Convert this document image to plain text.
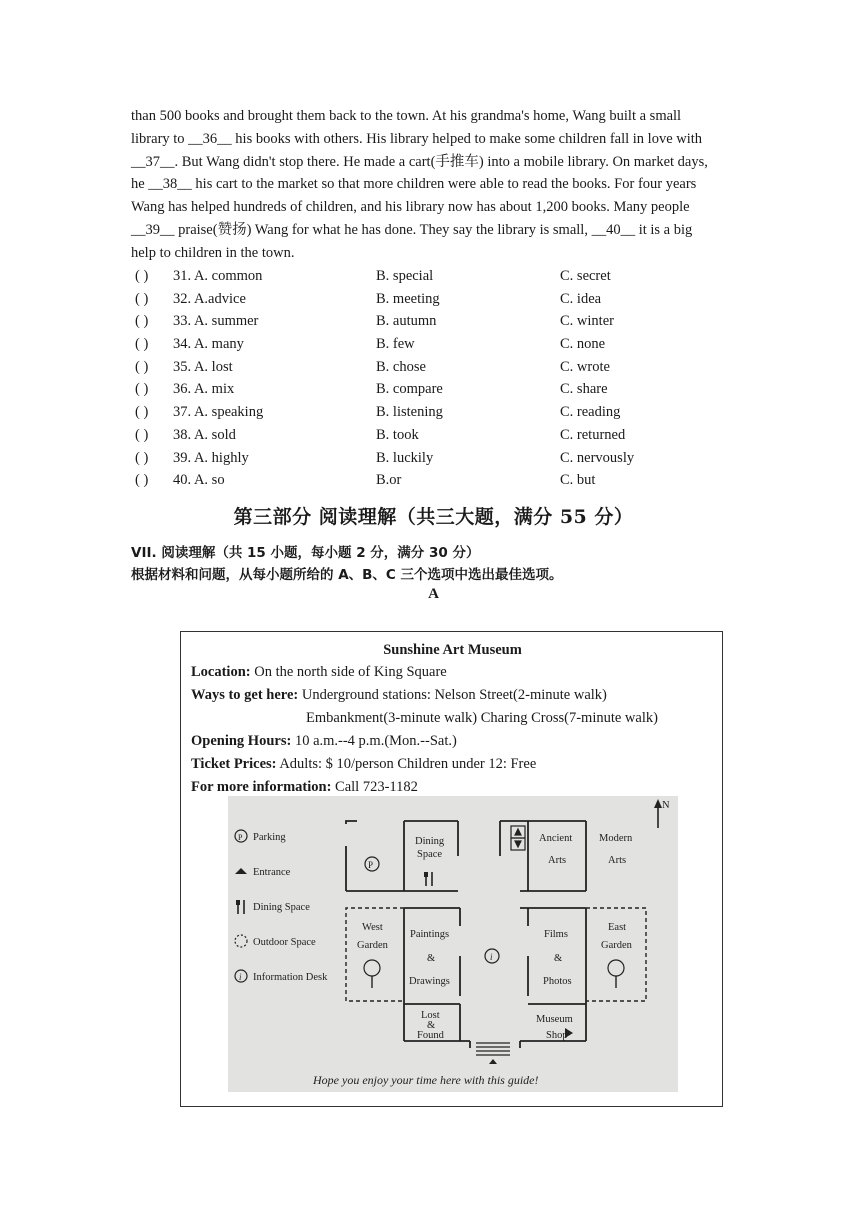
than 500 books and brought them back to the town. At his grandma's home, Wang built a small

library to __36__ his books with others. His library helped to make some children fall in love with

__37__. But Wang didn't stop there. He made a cart(手推车) into a mobile library. On market days,

he __38__ his cart to the market so that more children were able to read the books. For four years

Wang has helped hundreds of children, and his library now has about 1,200 books. Many people

__39__ praise(赞扬) Wang for what he has done. They say the library is small, __40__ it is a big

help to children in the town.

( ) 31. A. common	B. special	C. secret
( ) 32. A.advice	B. meeting	C. idea
( ) 33. A. summer	B. autumn	C. winter
( ) 34. A. many	B. few	C. none
( ) 35. A. lost	B. chose	C. wrote
( ) 36. A. mix	B. compare	C. share
( ) 37. A. speaking	B. listening	C. reading
( ) 38. A. sold	B. took	C. returned
( ) 39. A. highly	B. luckily	C. nervously
( ) 40. A. so	B.or	C. but
第三部分 阅读理解（共三大题，满分 55 分）
VII. 阅读理解（共 15 小题，每小题 2 分，满分 30 分）
根据材料和问题，从每小题所给的 A、B、C 三个选项中选出最佳选项。
A
Sunshine Art Museum
Location: On the north side of King Square
Ways to get here: Underground stations: Nelson Street(2-minute walk)
Embankment(3-minute walk) Charing Cross(7-minute walk)
Opening Hours: 10 a.m.--4 p.m.(Mon.--Sat.)
Ticket Prices: Adults: $ 10/person Children under 12: Free
For more information: Call 723-1182
N
P Parking
Entrance
Dining Space
Outdoor Space
i Information Desk
P
i
Dining
Space
Ancient
Arts
Modern
Arts
West
Garden
Paintings
&
Drawings
Films
&
Photos
East
Garden
Lost
&
Found
Museum
Shop
Hope you enjoy your time here with this guide!
